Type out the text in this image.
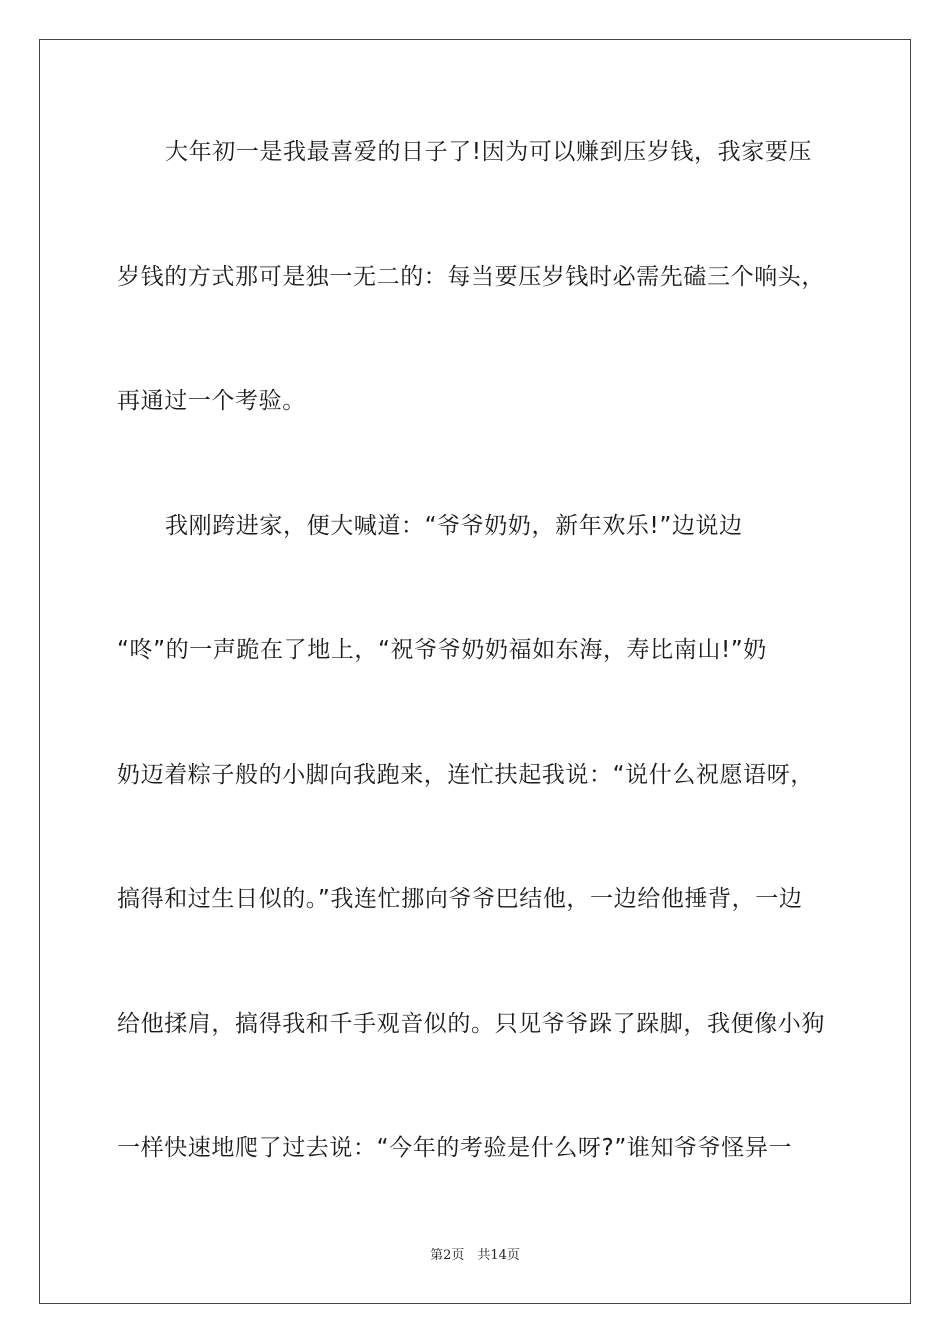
大年初一是我最喜爱的日子了!因为可以赚到压岁钱，我家要压
岁钱的方式那可是独一无二的：每当要压岁钱时必需先磕三个响头，
再通过一个考验。
我刚跨进家，便大喊道：“爷爷奶奶，新年欢乐!”边说边
“咚”的一声跪在了地上，“祝爷爷奶奶福如东海，寿比南山!”奶
奶迈着粽子般的小脚向我跑来，连忙扶起我说：“说什么祝愿语呀，
搞得和过生日似的。”我连忙挪向爷爷巴结他，一边给他捶背，一边
给他揉肩，搞得我和千手观音似的。只见爷爷跺了跺脚，我便像小狗
一样快速地爬了过去说：“今年的考验是什么呀?”谁知爷爷怪异一
第2页　共14页
